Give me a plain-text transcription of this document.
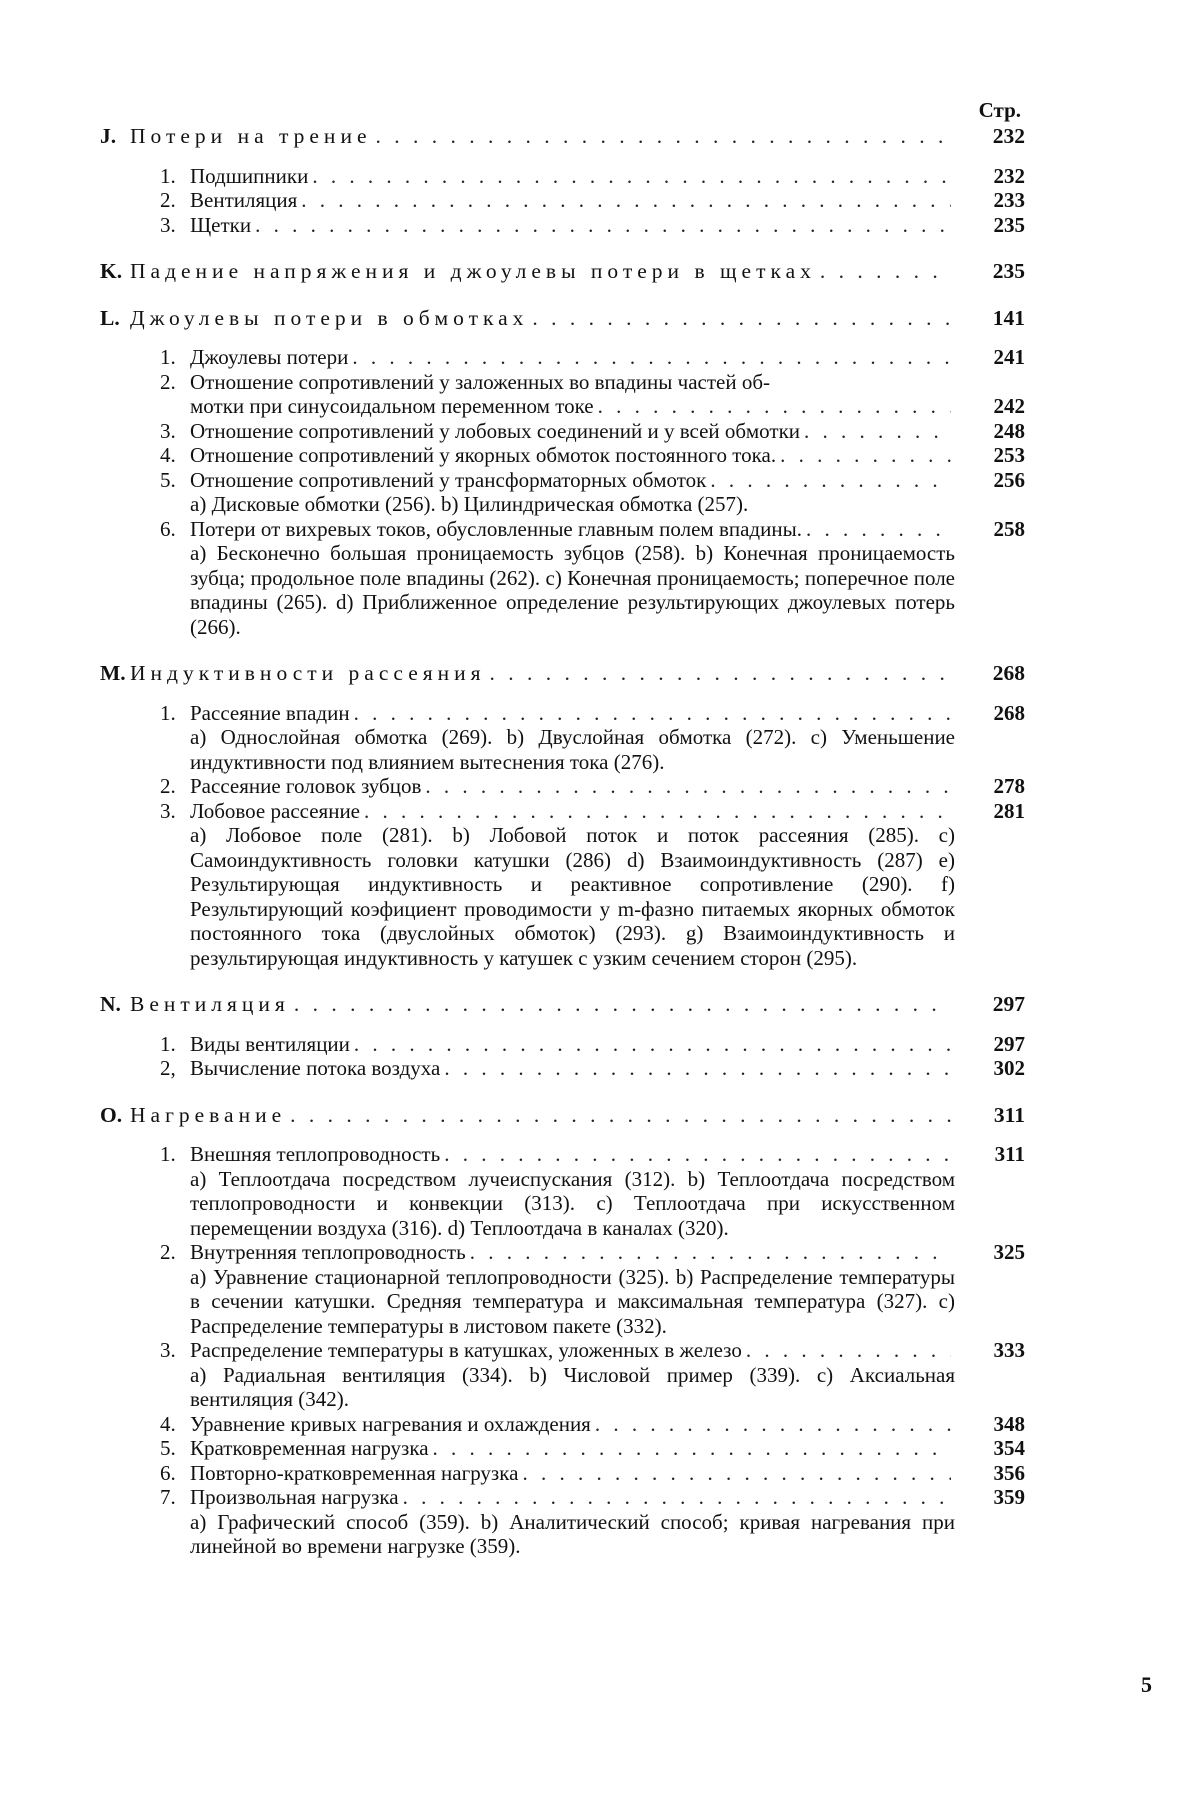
Стр.
J. Потери на трение . . .	232
1. Подшипники . . .	232
2. Вентиляция . . .	233
3. Щетки . . .	235
K. Падение напряжения и джоулевы потери в щетках . . .	235
L. Джоулевы потери в обмотках . . .	141
1. Джоулевы потери . . .	241
2. Отношение сопротивлений у заложенных во впадины частей об-
мотки при синусоидальном переменном токе . . .	242
3. Отношение сопротивлений у лобовых соединений и у всей обмотки . . .	248
4. Отношение сопротивлений у якорных обмоток постоянного тока. . . .	253
5. Отношение сопротивлений у трансформаторных обмоток . . .	256
a) Дисковые обмотки (256). b) Цилиндрическая обмотка (257).
6. Потери от вихревых токов, обусловленные главным полем впадины. . . .	258
a) Бесконечно большая проницаемость зубцов (258). b) Конечная проницаемость зубца; продольное поле впадины (262). c) Конечная проницаемость; поперечное поле впадины (265). d) Приближенное определение результирующих джоулевых потерь (266).
M. Индуктивности рассеяния . . .	268
1. Рассеяние впадин . . .	268
a) Однослойная обмотка (269). b) Двуслойная обмотка (272). c) Уменьшение индуктивности под влиянием вытеснения тока (276).
2. Рассеяние головок зубцов . . .	278
3. Лобовое рассеяние . . .	281
a) Лобовое поле (281). b) Лобовой поток и поток рассеяния (285). c) Самоиндуктивность головки катушки (286) d) Взаимоиндуктивность (287) e) Результирующая индуктивность и реактивное сопротивление (290). f) Результирующий коэфициент проводимости у m-фазно питаемых якорных обмоток постоянного тока (двуслойных обмоток) (293). g) Взаимоиндуктивность и результирующая индуктивность у катушек с узким сечением сторон (295).
N. Вентиляция . . .	297
1. Виды вентиляции . . .	297
2, Вычисление потока воздуха . . .	302
O. Нагревание . . .	311
1. Внешняя теплопроводность . . .	311
a) Теплоотдача посредством лучеиспускания (312). b) Теплоотдача посредством теплопроводности и конвекции (313). c) Теплоотдача при искусственном перемещении воздуха (316). d) Теплоотдача в каналах (320).
2. Внутренняя теплопроводность . . .	325
a) Уравнение стационарной теплопроводности (325). b) Распределение температуры в сечении катушки. Средняя температура и максимальная температура (327). c) Распределение температуры в листовом пакете (332).
3. Распределение температуры в катушках, уложенных в железо . . .	333
a) Радиальная вентиляция (334). b) Числовой пример (339). c) Аксиальная вентиляция (342).
4. Уравнение кривых нагревания и охлаждения . . .	348
5. Кратковременная нагрузка . . .	354
6. Повторно-кратковременная нагрузка . . .	356
7. Произвольная нагрузка . . .	359
a) Графический способ (359). b) Аналитический способ; кривая нагревания при линейной во времени нагрузке (359).
5
